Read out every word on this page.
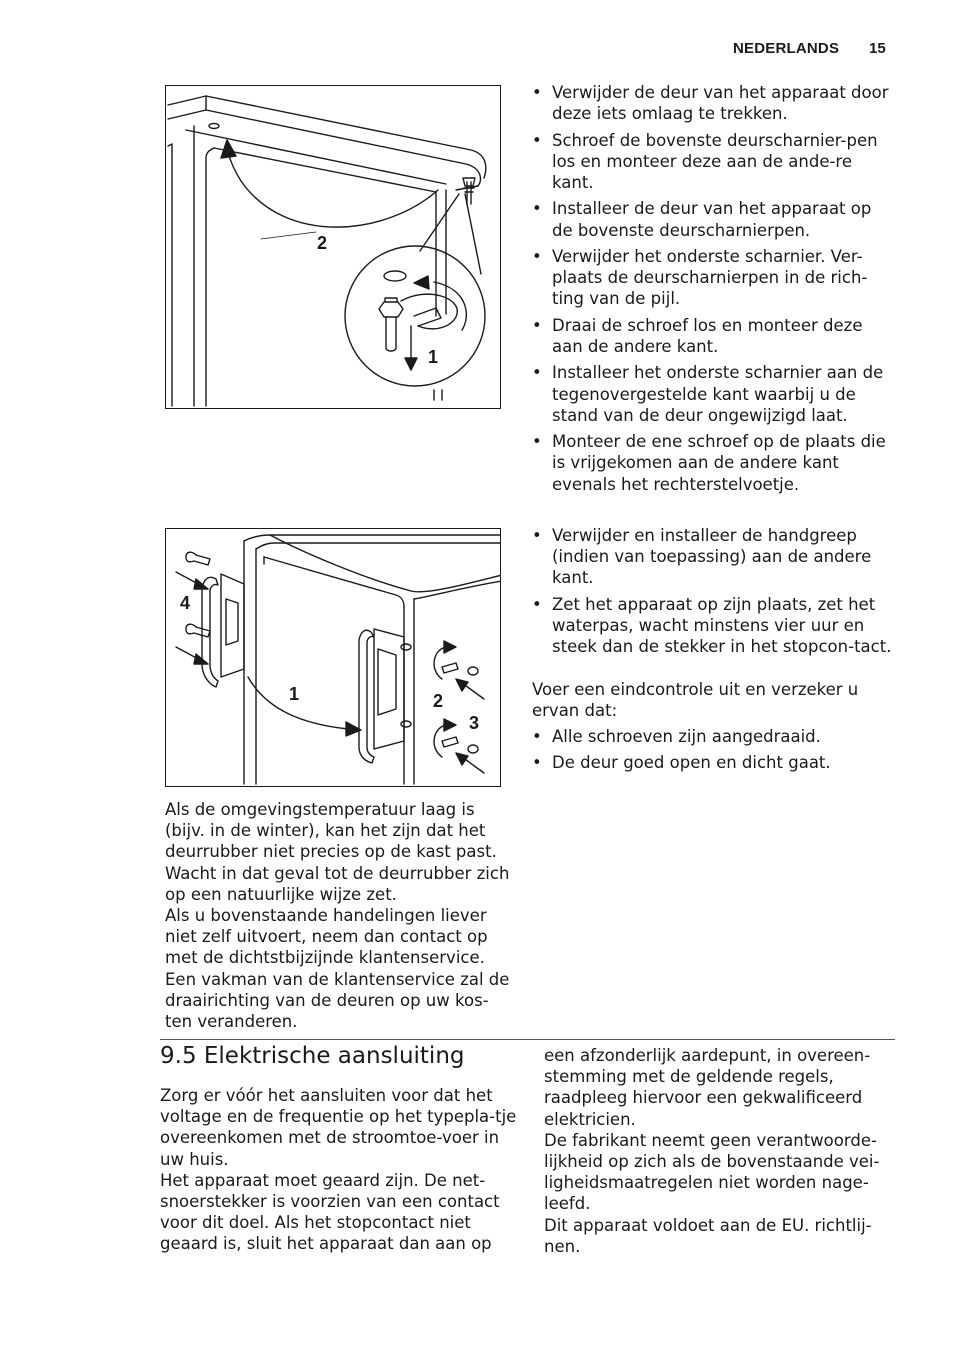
NEDERLANDS 15
2
1
4
1	2
3
• Verwijder de deur van het apparaat door deze iets omlaag te trekken.
• Schroef de bovenste deurscharnier-pen los en monteer deze aan de ande-re kant.
• Installeer de deur van het apparaat op de bovenste deurscharnierpen.
• Verwijder het onderste scharnier. Ver-plaats de deurscharnierpen in de rich-ting van de pijl.
• Draai de schroef los en monteer deze aan de andere kant.
• Installeer het onderste scharnier aan de tegenovergestelde kant waarbij u de stand van de deur ongewijzigd laat.
• Monteer de ene schroef op de plaats die is vrijgekomen aan de andere kant evenals het rechterstelvoetje.
• Verwijder en installeer de handgreep (indien van toepassing) aan de andere kant.
• Zet het apparaat op zijn plaats, zet het waterpas, wacht minstens vier uur en steek dan de stekker in het stopcon-tact.

Voer een eindcontrole uit en verzeker u ervan dat:

• Alle schroeven zijn aangedraaid.
• De deur goed open en dicht gaat.

Als de omgevingstemperatuur laag is (bijv. in de winter), kan het zijn dat het deurrubber niet precies op de kast past. Wacht in dat geval tot de deurrubber zich op een natuurlijke wijze zet.

Als u bovenstaande handelingen liever niet zelf uitvoert, neem dan contact op met de dichtstbijzijnde klantenservice. Een vakman van de klantenservice zal de draairichting van de deuren op uw kos-ten veranderen.

9.5 Elektrische aansluiting

Zorg er vóór het aansluiten voor dat het voltage en de frequentie op het typepla-tje overeenkomen met de stroomtoe-voer in uw huis.

Het apparaat moet geaard zijn. De net-snoerstekker is voorzien van een contact voor dit doel. Als het stopcontact niet geaard is, sluit het apparaat dan aan op

een afzonderlijk aardepunt, in overeen-stemming met de geldende regels, raadpleeg hiervoor een gekwalificeerd elektricien.

De fabrikant neemt geen verantwoorde-lijkheid op zich als de bovenstaande vei-ligheidsmaatregelen niet worden nage-leefd.

Dit apparaat voldoet aan de EU. richtlij-nen.
